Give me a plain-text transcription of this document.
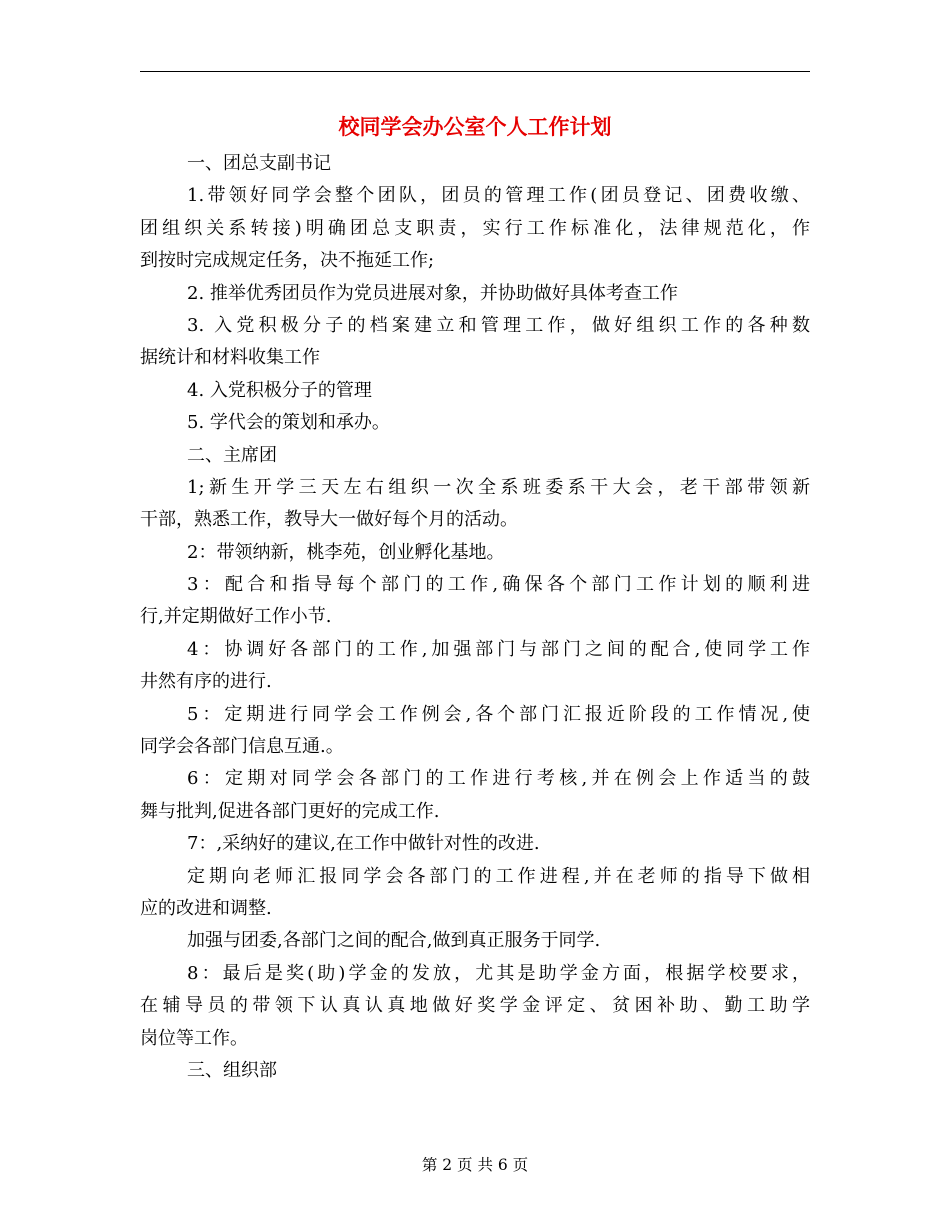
校同学会办公室个人工作计划
一、团总支副书记
1.带领好同学会整个团队，团员的管理工作(团员登记、团费收缴、
团组织关系转接)明确团总支职责，实行工作标准化，法律规范化，作
到按时完成规定任务，决不拖延工作;
2. 推举优秀团员作为党员进展对象，并协助做好具体考查工作
3. 入党积极分子的档案建立和管理工作，做好组织工作的各种数
据统计和材料收集工作
4. 入党积极分子的管理
5. 学代会的策划和承办。
二、主席团
1;新生开学三天左右组织一次全系班委系干大会，老干部带领新
干部，熟悉工作，教导大一做好每个月的活动。
2：带领纳新，桃李苑，创业孵化基地。
3：配合和指导每个部门的工作,确保各个部门工作计划的顺利进
行,并定期做好工作小节.
4：协调好各部门的工作,加强部门与部门之间的配合,使同学工作
井然有序的进行.
5：定期进行同学会工作例会,各个部门汇报近阶段的工作情况,使
同学会各部门信息互通.。
6：定期对同学会各部门的工作进行考核,并在例会上作适当的鼓
舞与批判,促进各部门更好的完成工作.
7：,采纳好的建议,在工作中做针对性的改进.
定期向老师汇报同学会各部门的工作进程,并在老师的指导下做相
应的改进和调整.
加强与团委,各部门之间的配合,做到真正服务于同学.
8：最后是奖(助)学金的发放，尤其是助学金方面，根据学校要求，
在辅导员的带领下认真认真地做好奖学金评定、贫困补助、勤工助学
岗位等工作。
三、组织部
第 2 页 共 6 页
